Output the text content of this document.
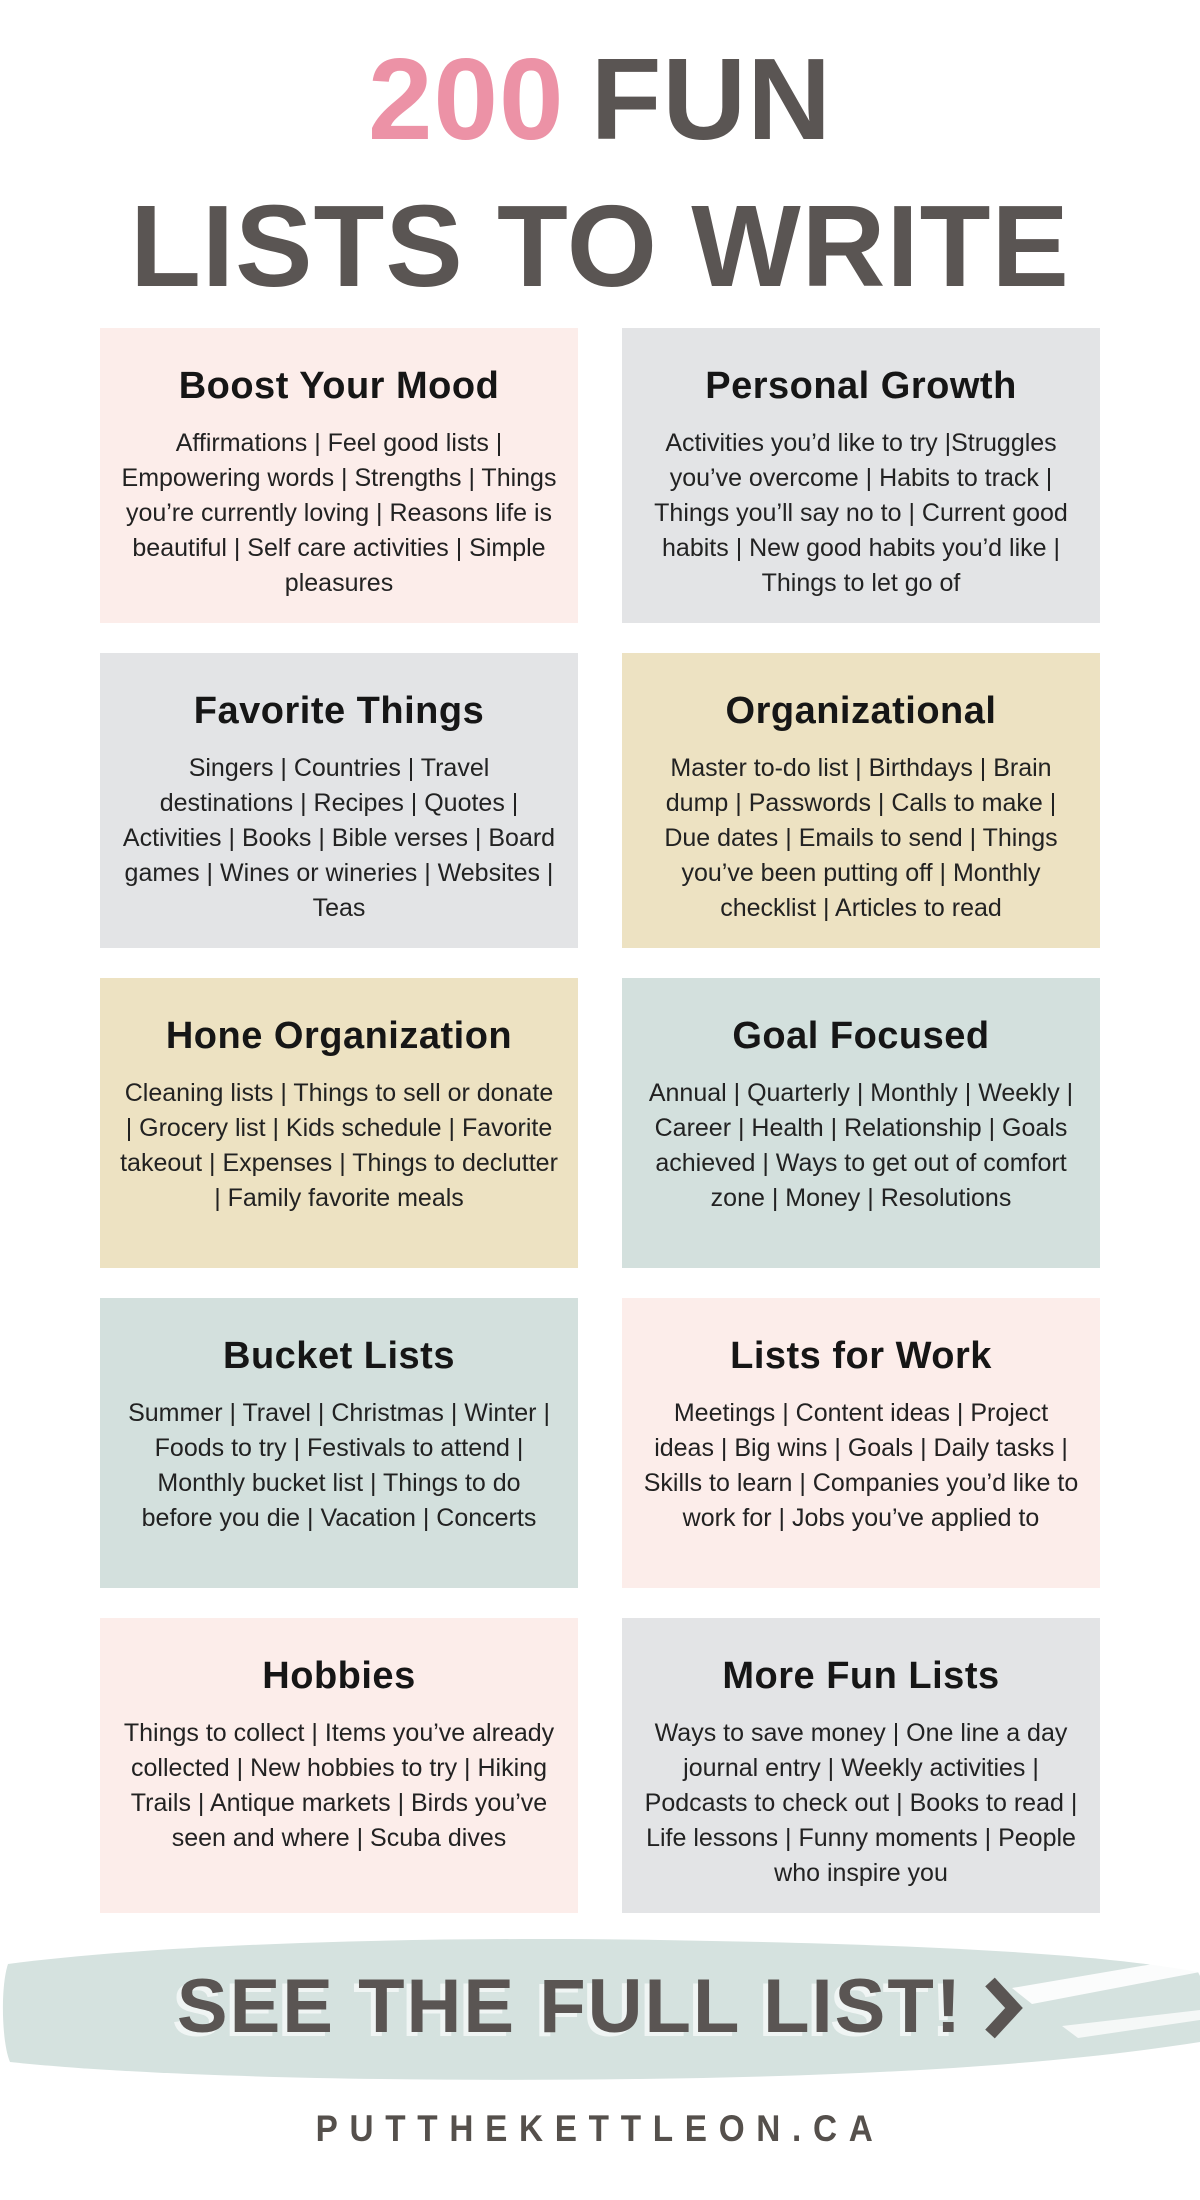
200 FUN
LISTS TO WRITE
Boost Your Mood

Affirmations | Feel good lists | Empowering words | Strengths | Things you’re currently loving | Reasons life is beautiful | Self care activities | Simple pleasures

Personal Growth

Activities you’d like to try |Struggles you’ve overcome | Habits to track | Things you’ll say no to | Current good habits | New good habits you’d like | Things to let go of

Favorite Things

Singers | Countries | Travel destinations | Recipes | Quotes | Activities | Books | Bible verses | Board games | Wines or wineries | Websites | Teas

Organizational

Master to-do list | Birthdays | Brain dump | Passwords | Calls to make | Due dates | Emails to send | Things you’ve been putting off | Monthly checklist | Articles to read

Hone Organization

Cleaning lists | Things to sell or donate | Grocery list | Kids schedule | Favorite takeout | Expenses | Things to declutter | Family favorite meals

Goal Focused

Annual | Quarterly | Monthly | Weekly | Career | Health | Relationship | Goals achieved | Ways to get out of comfort zone | Money | Resolutions

Bucket Lists

Summer | Travel | Christmas | Winter | Foods to try | Festivals to attend | Monthly bucket list | Things to do before you die | Vacation | Concerts

Lists for Work

Meetings | Content ideas | Project ideas | Big wins | Goals | Daily tasks | Skills to learn | Companies you’d like to work for | Jobs you’ve applied to

Hobbies

Things to collect | Items you’ve already collected | New hobbies to try | Hiking Trails | Antique markets | Birds you’ve seen and where | Scuba dives

More Fun Lists

Ways to save money | One line a day journal entry | Weekly activities | Podcasts to check out | Books to read | Life lessons | Funny moments | People who inspire you

SEE THE FULL LIST!
PUTTHEKETTLEON.CA
